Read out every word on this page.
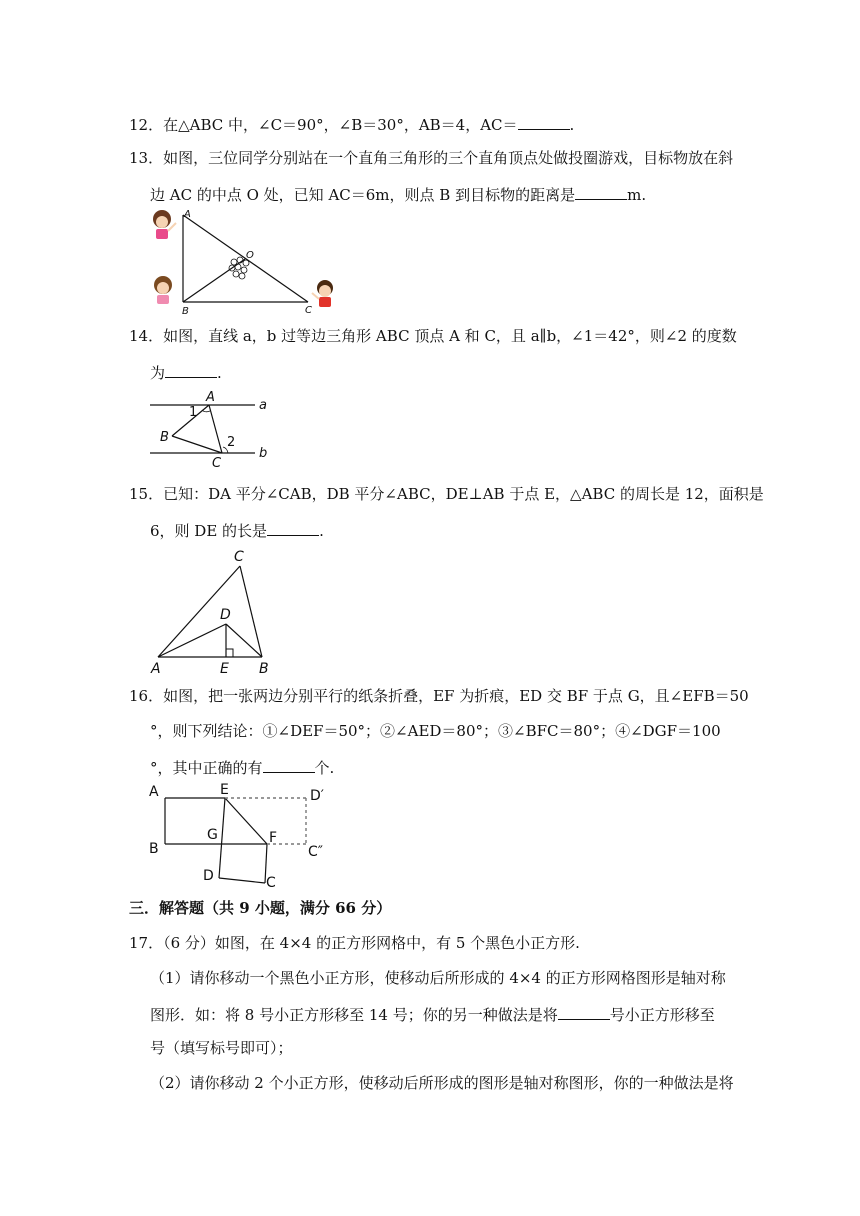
12．在△ABC 中，∠C＝90°，∠B＝30°，AB＝4，AC＝	.
13．如图，三位同学分别站在一个直角三角形的三个直角顶点处做投圈游戏，目标物放在斜
边 AC 的中点 O 处，已知 AC＝6m，则点 B 到目标物的距离是	m.
A
B	C
O
14．如图，直线 a，b 过等边三角形 ABC 顶点 A 和 C，且 a∥b，∠1＝42°，则∠2 的度数
为	.
A
B
C
a
b
1
2
15．已知：DA 平分∠CAB，DB 平分∠ABC，DE⊥AB 于点 E，△ABC 的周长是 12，面积是
6，则 DE 的长是	.
C
D
A	E B
16．如图，把一张两边分别平行的纸条折叠，EF 为折痕，ED 交 BF 于点 G，且∠EFB＝50
°，则下列结论：①∠DEF＝50°；②∠AED＝80°；③∠BFC＝80°；④∠DGF＝100
°，其中正确的有	个.
A
B
E
G	F
D	C
D′
C″
三．解答题（共 9 小题，满分 66 分）
17．（6 分）如图，在 4×4 的正方形网格中，有 5 个黑色小正方形.
（1）请你移动一个黑色小正方形，使移动后所形成的 4×4 的正方形网格图形是轴对称
图形．如：将 8 号小正方形移至 14 号；你的另一种做法是将	号小正方形移至
号（填写标号即可）；
（2）请你移动 2 个小正方形，使移动后所形成的图形是轴对称图形，你的一种做法是将
